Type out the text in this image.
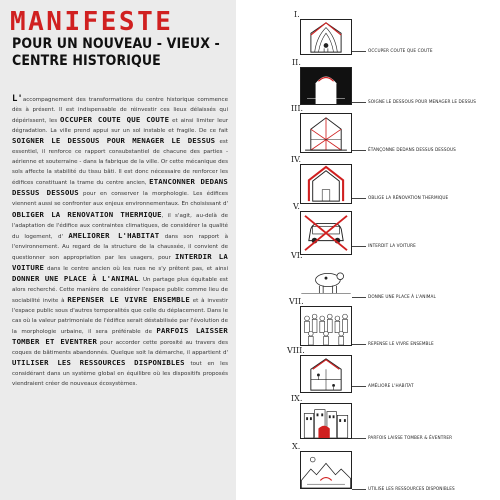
MANIFESTE
POUR UN NOUVEAU - VIEUX -
CENTRE HISTORIQUE
L'accompagnement des transformations du centre historique commence dès à présent. Il est indispensable de réinvestir ces lieux délaissés qui dépérissent, les OCCUPER COUTE QUE COUTE et ainsi limiter leur dégradation. La ville prend appui sur un sol instable et fragile. De ce fait SOIGNER LE DESSOUS POUR MENAGER LE DESSUS est essentiel, il renforce ce rapport consubstantiel de chacune des parties - aérienne et souterraine - dans la fabrique de la ville. Or cette mécanique des sols affecte la stabilité du tissu bâti. Il est donc nécessaire de renforcer les édifices constituant la trame du centre ancien, ETANCONNER DEDANS DESSUS DESSOUS pour en conserver la morphologie. Les édifices viennent aussi se confronter aux enjeux environnementaux. En choisissant d' OBLIGER LA RENOVATION THERMIQUE, il s'agit, au-delà de l'adaptation de l'édifice aux contraintes climatiques, de considérer la qualité du logement, d' AMELIORER L'HABITAT dans son rapport à l'environnement. Au regard de la structure de la chaussée, il convient de questionner son appropriation par les usagers, pour INTERDIR LA VOITURE dans le centre ancien où les rues ne s'y prêtent pas, et ainsi DONNER UNE PLACE À L'ANIMAL. Un partage plus équitable est alors recherché. Cette manière de considérer l'espace public comme lieu de sociabilité invite à REPENSER LE VIVRE ENSEMBLE et à investir l'espace public sous d'autres temporalités que celle du déplacement. Dans le cas où la valeur patrimoniale de l'édifice serait déstabilisée par l'évolution de la morphologie urbaine, il sera préférable de PARFOIS LAISSER TOMBER ET EVENTRER pour accorder cette porosité au travers des coques de bâtiments abandonnés. Quelque soit la démarche, il appartient d' UTILISER LES RESSOURCES DISPONIBLES tout en les considérant dans un système global en équilibre où les dispositifs proposés viendraient créer de nouveaux écosystèmes.
I.
OCCUPER COUTE QUE COUTE
II.
SOIGNE LE DESSOUS POUR MENAGER LE DESSUS
III.
ÉTANÇONNE DEDANS DESSUS DESSOUS
IV.
OBLIGE LA RÉNOVATION THERMIQUE
V.
INTERDIT LA VOITURE
VI.
DONNE UNE PLACE À L'ANIMAL
VII.
REPENSE LE VIVRE ENSEMBLE
VIII.
AMÉLIORE L'HABITAT
IX.
PARFOIS LAISSE TOMBER & ÉVENTRER
X.
UTILISE LES RESSOURCES DISPONIBLES
